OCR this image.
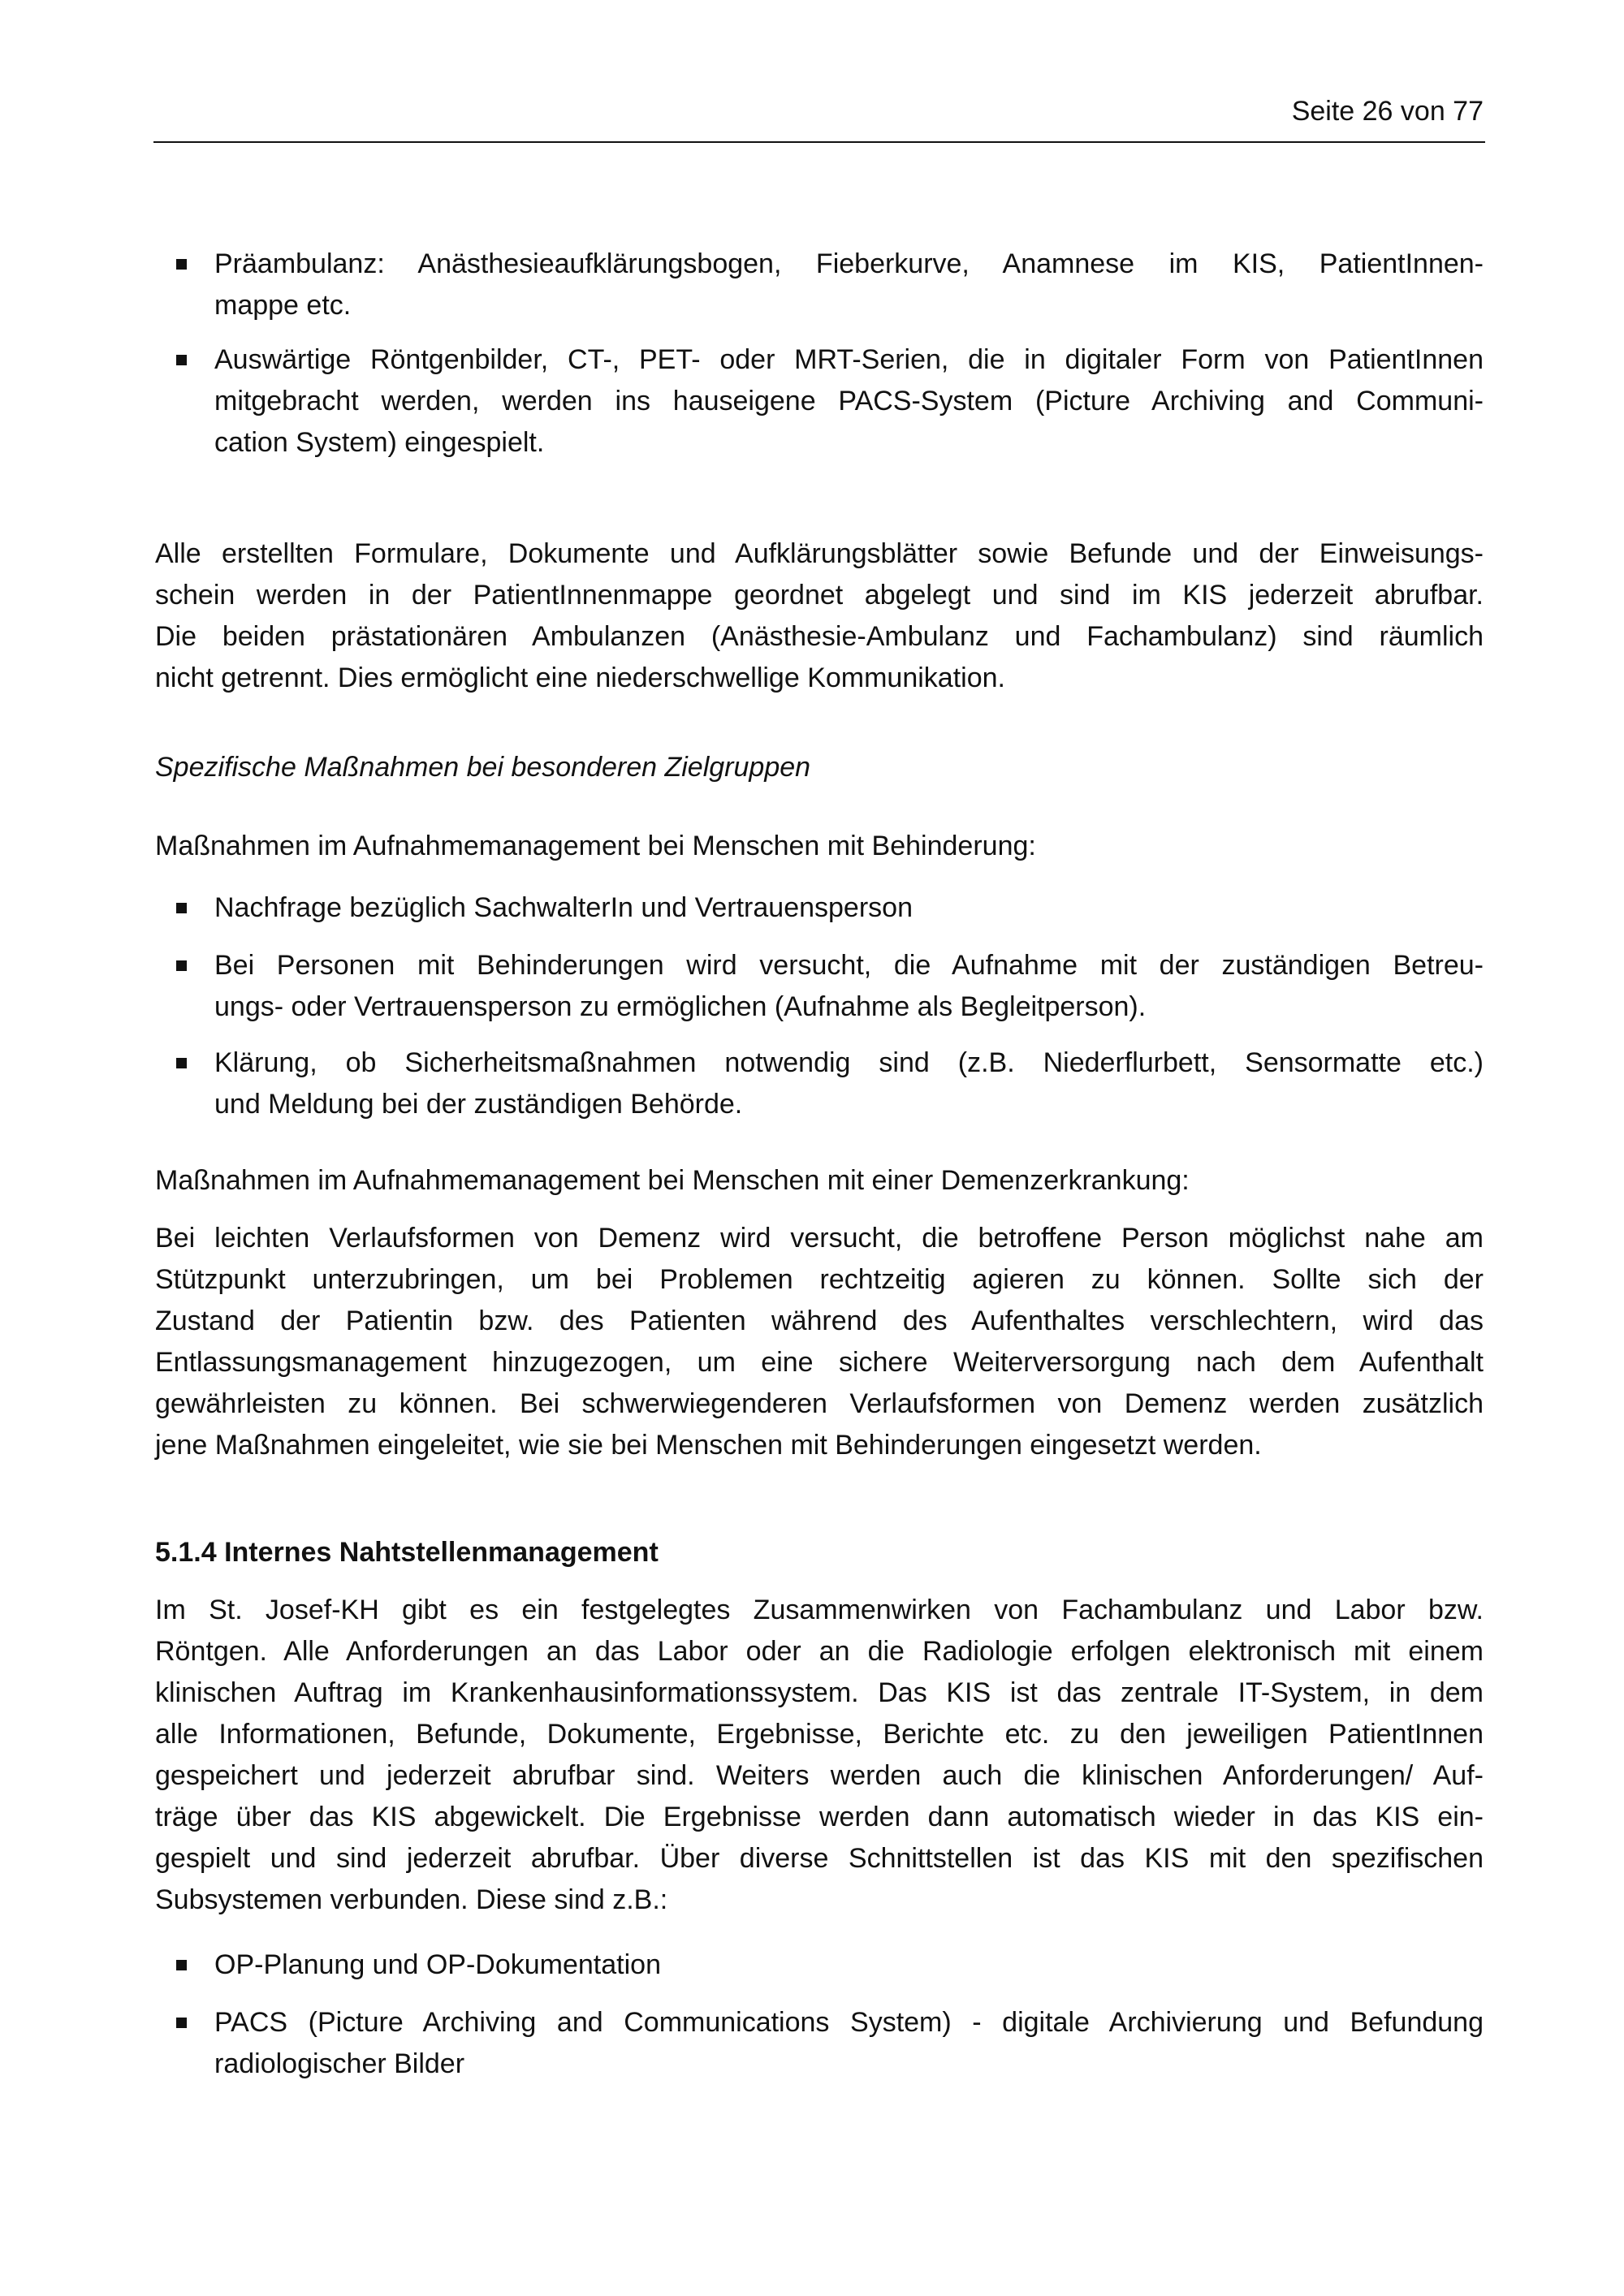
Seite 26 von 77
Präambulanz: Anästhesieaufklärungsbogen, Fieberkurve, Anamnese im KIS, PatientInnen-
mappe etc.
Auswärtige Röntgenbilder, CT-, PET- oder MRT-Serien, die in digitaler Form von PatientInnen
mitgebracht werden, werden ins hauseigene PACS-System (Picture Archiving and Communi-
cation System) eingespielt.
Alle erstellten Formulare, Dokumente und Aufklärungsblätter sowie Befunde und der Einweisungs-
schein werden in der PatientInnenmappe geordnet abgelegt und sind im KIS jederzeit abrufbar.
Die beiden prästationären Ambulanzen (Anästhesie-Ambulanz und Fachambulanz) sind räumlich
nicht getrennt. Dies ermöglicht eine niederschwellige Kommunikation.
Spezifische Maßnahmen bei besonderen Zielgruppen
Maßnahmen im Aufnahmemanagement bei Menschen mit Behinderung:
Nachfrage bezüglich SachwalterIn und Vertrauensperson
Bei Personen mit Behinderungen wird versucht, die Aufnahme mit der zuständigen Betreu-
ungs- oder Vertrauensperson zu ermöglichen (Aufnahme als Begleitperson).
Klärung, ob Sicherheitsmaßnahmen notwendig sind (z.B. Niederflurbett, Sensormatte etc.)
und Meldung bei der zuständigen Behörde.
Maßnahmen im Aufnahmemanagement bei Menschen mit einer Demenzerkrankung:
Bei leichten Verlaufsformen von Demenz wird versucht, die betroffene Person möglichst nahe am
Stützpunkt unterzubringen, um bei Problemen rechtzeitig agieren zu können. Sollte sich der
Zustand der Patientin bzw. des Patienten während des Aufenthaltes verschlechtern, wird das
Entlassungsmanagement hinzugezogen, um eine sichere Weiterversorgung nach dem Aufenthalt
gewährleisten zu können. Bei schwerwiegenderen Verlaufsformen von Demenz werden zusätzlich
jene Maßnahmen eingeleitet, wie sie bei Menschen mit Behinderungen eingesetzt werden.
5.1.4 Internes Nahtstellenmanagement
Im St. Josef-KH gibt es ein festgelegtes Zusammenwirken von Fachambulanz und Labor bzw.
Röntgen. Alle Anforderungen an das Labor oder an die Radiologie erfolgen elektronisch mit einem
klinischen Auftrag im Krankenhausinformationssystem. Das KIS ist das zentrale IT-System, in dem
alle Informationen, Befunde, Dokumente, Ergebnisse, Berichte etc. zu den jeweiligen PatientInnen
gespeichert und jederzeit abrufbar sind. Weiters werden auch die klinischen Anforderungen/ Auf-
träge über das KIS abgewickelt. Die Ergebnisse werden dann automatisch wieder in das KIS ein-
gespielt und sind jederzeit abrufbar. Über diverse Schnittstellen ist das KIS mit den spezifischen
Subsystemen verbunden. Diese sind z.B.:
OP-Planung und OP-Dokumentation
PACS (Picture Archiving and Communications System) - digitale Archivierung und Befundung
radiologischer Bilder
